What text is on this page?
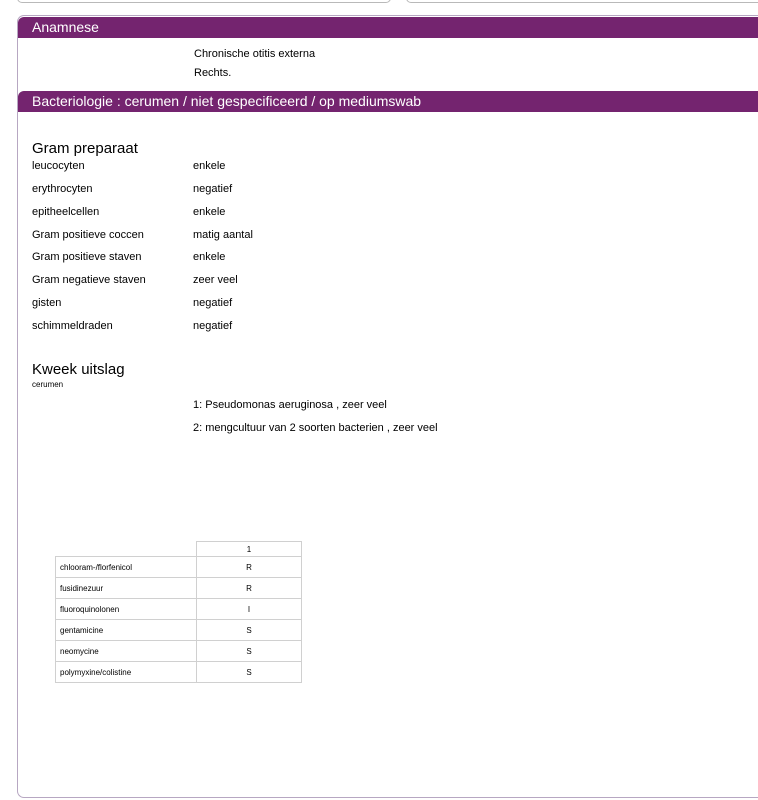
Anamnese
Chronische otitis externa
Rechts.
Bacteriologie : cerumen / niet gespecificeerd / op mediumswab
Gram preparaat
leucocyten	enkele
erythrocyten	negatief
epitheelcellen	enkele
Gram positieve coccen	matig aantal
Gram positieve staven	enkele
Gram negatieve staven	zeer veel
gisten	negatief
schimmeldraden	negatief
Kweek uitslag
cerumen
1: Pseudomonas aeruginosa , zeer veel
2: mengcultuur van 2 soorten bacterien , zeer veel
	1
chlooram-/florfenicol	R
fusidinezuur	R
fluoroquinolonen	I
gentamicine	S
neomycine	S
polymyxine/colistine	S
